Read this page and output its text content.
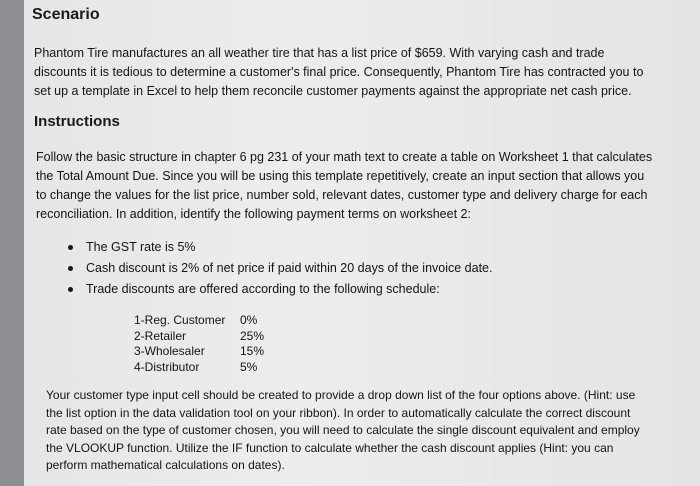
Scenario
Phantom Tire manufactures an all weather tire that has a list price of $659. With varying cash and trade
discounts it is tedious to determine a customer's final price. Consequently, Phantom Tire has contracted you to
set up a template in Excel to help them reconcile customer payments against the appropriate net cash price.
Instructions
Follow the basic structure in chapter 6 pg 231 of your math text to create a table on Worksheet 1 that calculates
the Total Amount Due. Since you will be using this template repetitively, create an input section that allows you
to change the values for the list price, number sold, relevant dates, customer type and delivery charge for each
reconciliation. In addition, identify the following payment terms on worksheet 2:
The GST rate is 5%
Cash discount is 2% of net price if paid within 20 days of the invoice date.
Trade discounts are offered according to the following schedule:
1-Reg. Customer	0%
2-Retailer	25%
3-Wholesaler	15%
4-Distributor	5%
Your customer type input cell should be created to provide a drop down list of the four options above. (Hint: use
the list option in the data validation tool on your ribbon). In order to automatically calculate the correct discount
rate based on the type of customer chosen, you will need to calculate the single discount equivalent and employ
the VLOOKUP function. Utilize the IF function to calculate whether the cash discount applies (Hint: you can
perform mathematical calculations on dates).
